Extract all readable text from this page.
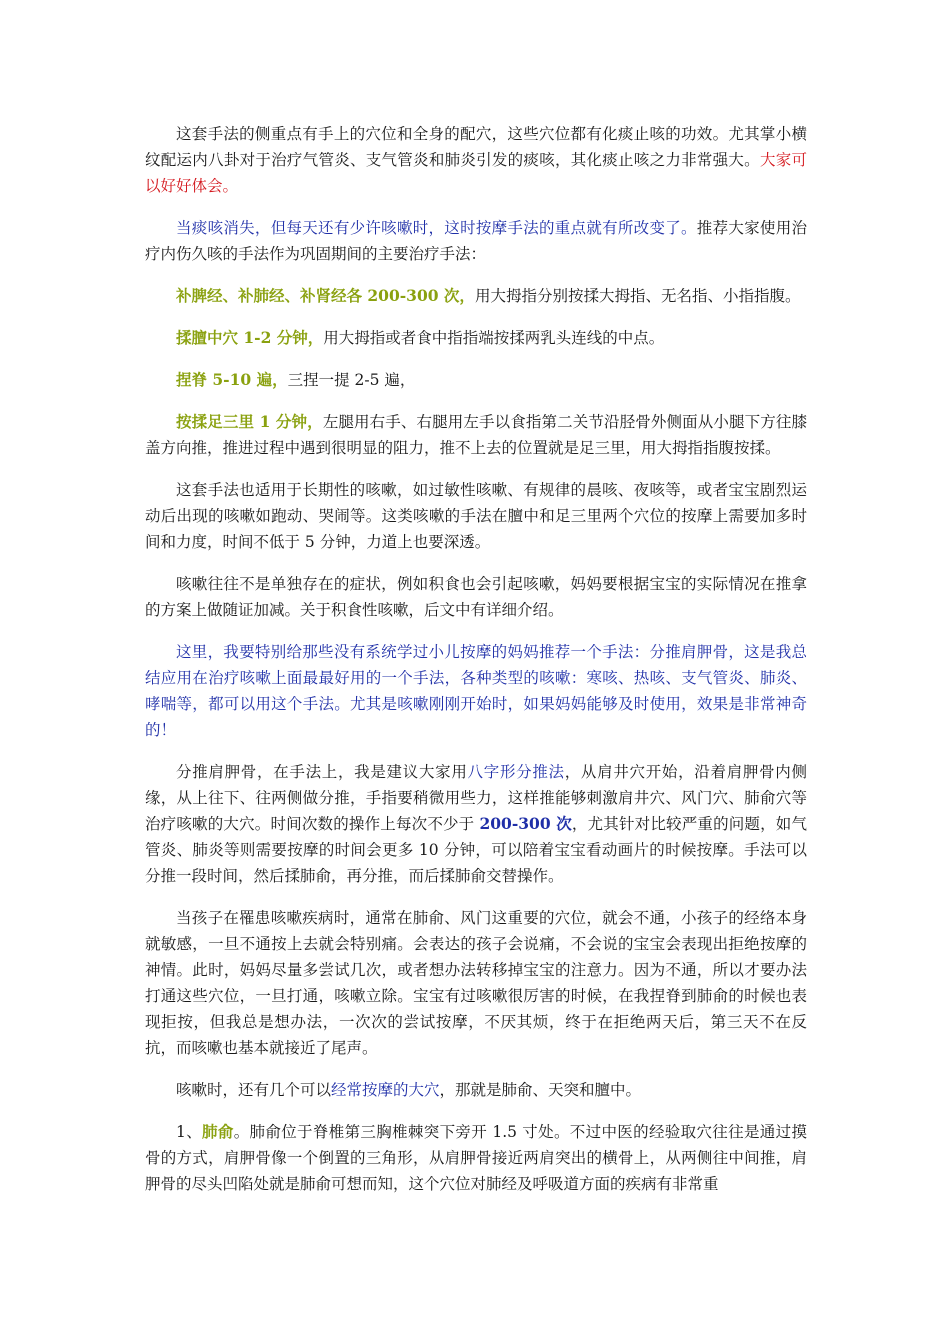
这套手法的侧重点有手上的穴位和全身的配穴，这些穴位都有化痰止咳的功效。尤其掌小横纹配运内八卦对于治疗气管炎、支气管炎和肺炎引发的痰咳，其化痰止咳之力非常强大。大家可以好好体会。

当痰咳消失，但每天还有少许咳嗽时，这时按摩手法的重点就有所改变了。推荐大家使用治疗内伤久咳的手法作为巩固期间的主要治疗手法：

补脾经、补肺经、补肾经各 200-300 次，用大拇指分别按揉大拇指、无名指、小指指腹。

揉膻中穴 1-2 分钟，用大拇指或者食中指指端按揉两乳头连线的中点。

捏脊 5-10 遍，三捏一提 2-5 遍，

按揉足三里 1 分钟，左腿用右手、右腿用左手以食指第二关节沿胫骨外侧面从小腿下方往膝盖方向推，推进过程中遇到很明显的阻力，推不上去的位置就是足三里，用大拇指指腹按揉。

这套手法也适用于长期性的咳嗽，如过敏性咳嗽、有规律的晨咳、夜咳等，或者宝宝剧烈运动后出现的咳嗽如跑动、哭闹等。这类咳嗽的手法在膻中和足三里两个穴位的按摩上需要加多时间和力度，时间不低于 5 分钟，力道上也要深透。

咳嗽往往不是单独存在的症状，例如积食也会引起咳嗽，妈妈要根据宝宝的实际情况在推拿的方案上做随证加减。关于积食性咳嗽，后文中有详细介绍。

这里，我要特别给那些没有系统学过小儿按摩的妈妈推荐一个手法：分推肩胛骨，这是我总结应用在治疗咳嗽上面最最好用的一个手法，各种类型的咳嗽：寒咳、热咳、支气管炎、肺炎、哮喘等，都可以用这个手法。尤其是咳嗽刚刚开始时，如果妈妈能够及时使用，效果是非常神奇的！

分推肩胛骨，在手法上，我是建议大家用八字形分推法，从肩井穴开始，沿着肩胛骨内侧缘，从上往下、往两侧做分推，手指要稍微用些力，这样推能够刺激肩井穴、风门穴、肺俞穴等治疗咳嗽的大穴。时间次数的操作上每次不少于 200-300 次，尤其针对比较严重的问题，如气管炎、肺炎等则需要按摩的时间会更多 10 分钟，可以陪着宝宝看动画片的时候按摩。手法可以分推一段时间，然后揉肺俞，再分推，而后揉肺俞交替操作。

当孩子在罹患咳嗽疾病时，通常在肺俞、风门这重要的穴位，就会不通，小孩子的经络本身就敏感，一旦不通按上去就会特别痛。会表达的孩子会说痛，不会说的宝宝会表现出拒绝按摩的神情。此时，妈妈尽量多尝试几次，或者想办法转移掉宝宝的注意力。因为不通，所以才要办法打通这些穴位，一旦打通，咳嗽立除。宝宝有过咳嗽很厉害的时候，在我捏脊到肺俞的时候也表现拒按，但我总是想办法，一次次的尝试按摩，不厌其烦，终于在拒绝两天后，第三天不在反抗，而咳嗽也基本就接近了尾声。

咳嗽时，还有几个可以经常按摩的大穴，那就是肺俞、天突和膻中。

1、肺俞。肺俞位于脊椎第三胸椎棘突下旁开 1.5 寸处。不过中医的经验取穴往往是通过摸骨的方式，肩胛骨像一个倒置的三角形，从肩胛骨接近两肩突出的横骨上，从两侧往中间推，肩胛骨的尽头凹陷处就是肺俞可想而知，这个穴位对肺经及呼吸道方面的疾病有非常重
